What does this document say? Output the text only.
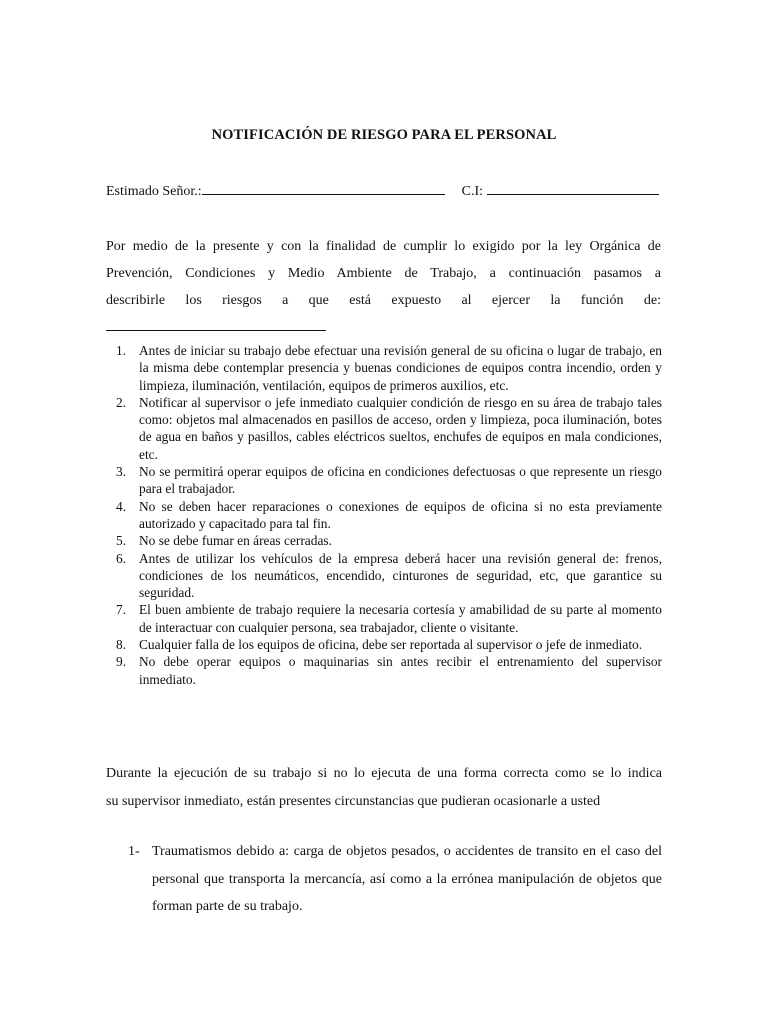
NOTIFICACIÓN DE RIESGO PARA EL PERSONAL
Estimado Señor.:	C.I:
Por medio de la presente y con la finalidad de cumplir lo exigido por la ley Orgánica de
Prevención, Condiciones y Medio Ambiente de Trabajo, a continuación pasamos a
describirle los riesgos a que está expuesto al ejercer la función de:
1. Antes de iniciar su trabajo debe efectuar una revisión general de su oficina o lugar de trabajo, en la misma debe contemplar presencia y buenas condiciones de equipos contra incendio, orden y limpieza, iluminación, ventilación, equipos de primeros auxilios, etc.
2. Notificar al supervisor o jefe inmediato cualquier condición de riesgo en su área de trabajo tales como: objetos mal almacenados en pasillos de acceso, orden y limpieza, poca iluminación, botes de agua en baños y pasillos, cables eléctricos sueltos, enchufes de equipos en mala condiciones, etc.
3. No se permitirá operar equipos de oficina en condiciones defectuosas o que represente un riesgo para el trabajador.
4. No se deben hacer reparaciones o conexiones de equipos de oficina si no esta previamente autorizado y capacitado para tal fin.
5. No se debe fumar en áreas cerradas.
6. Antes de utilizar los vehículos de la empresa deberá hacer una revisión general de: frenos, condiciones de los neumáticos, encendido, cinturones de seguridad, etc, que garantice su seguridad.
7. El buen ambiente de trabajo requiere la necesaria cortesía y amabilidad de su parte al momento de interactuar con cualquier persona, sea trabajador, cliente o visitante.
8. Cualquier falla de los equipos de oficina, debe ser reportada al supervisor o jefe de inmediato.
9. No debe operar equipos o maquinarias sin antes recibir el entrenamiento del supervisor inmediato.
Durante la ejecución de su trabajo si no lo ejecuta de una forma correcta como se lo indica
su supervisor inmediato, están presentes circunstancias que pudieran ocasionarle a usted
1- Traumatismos debido a: carga de objetos pesados, o accidentes de transito en el caso del personal que transporta la mercancía, así como a la errónea manipulación de objetos que forman parte de su trabajo.
